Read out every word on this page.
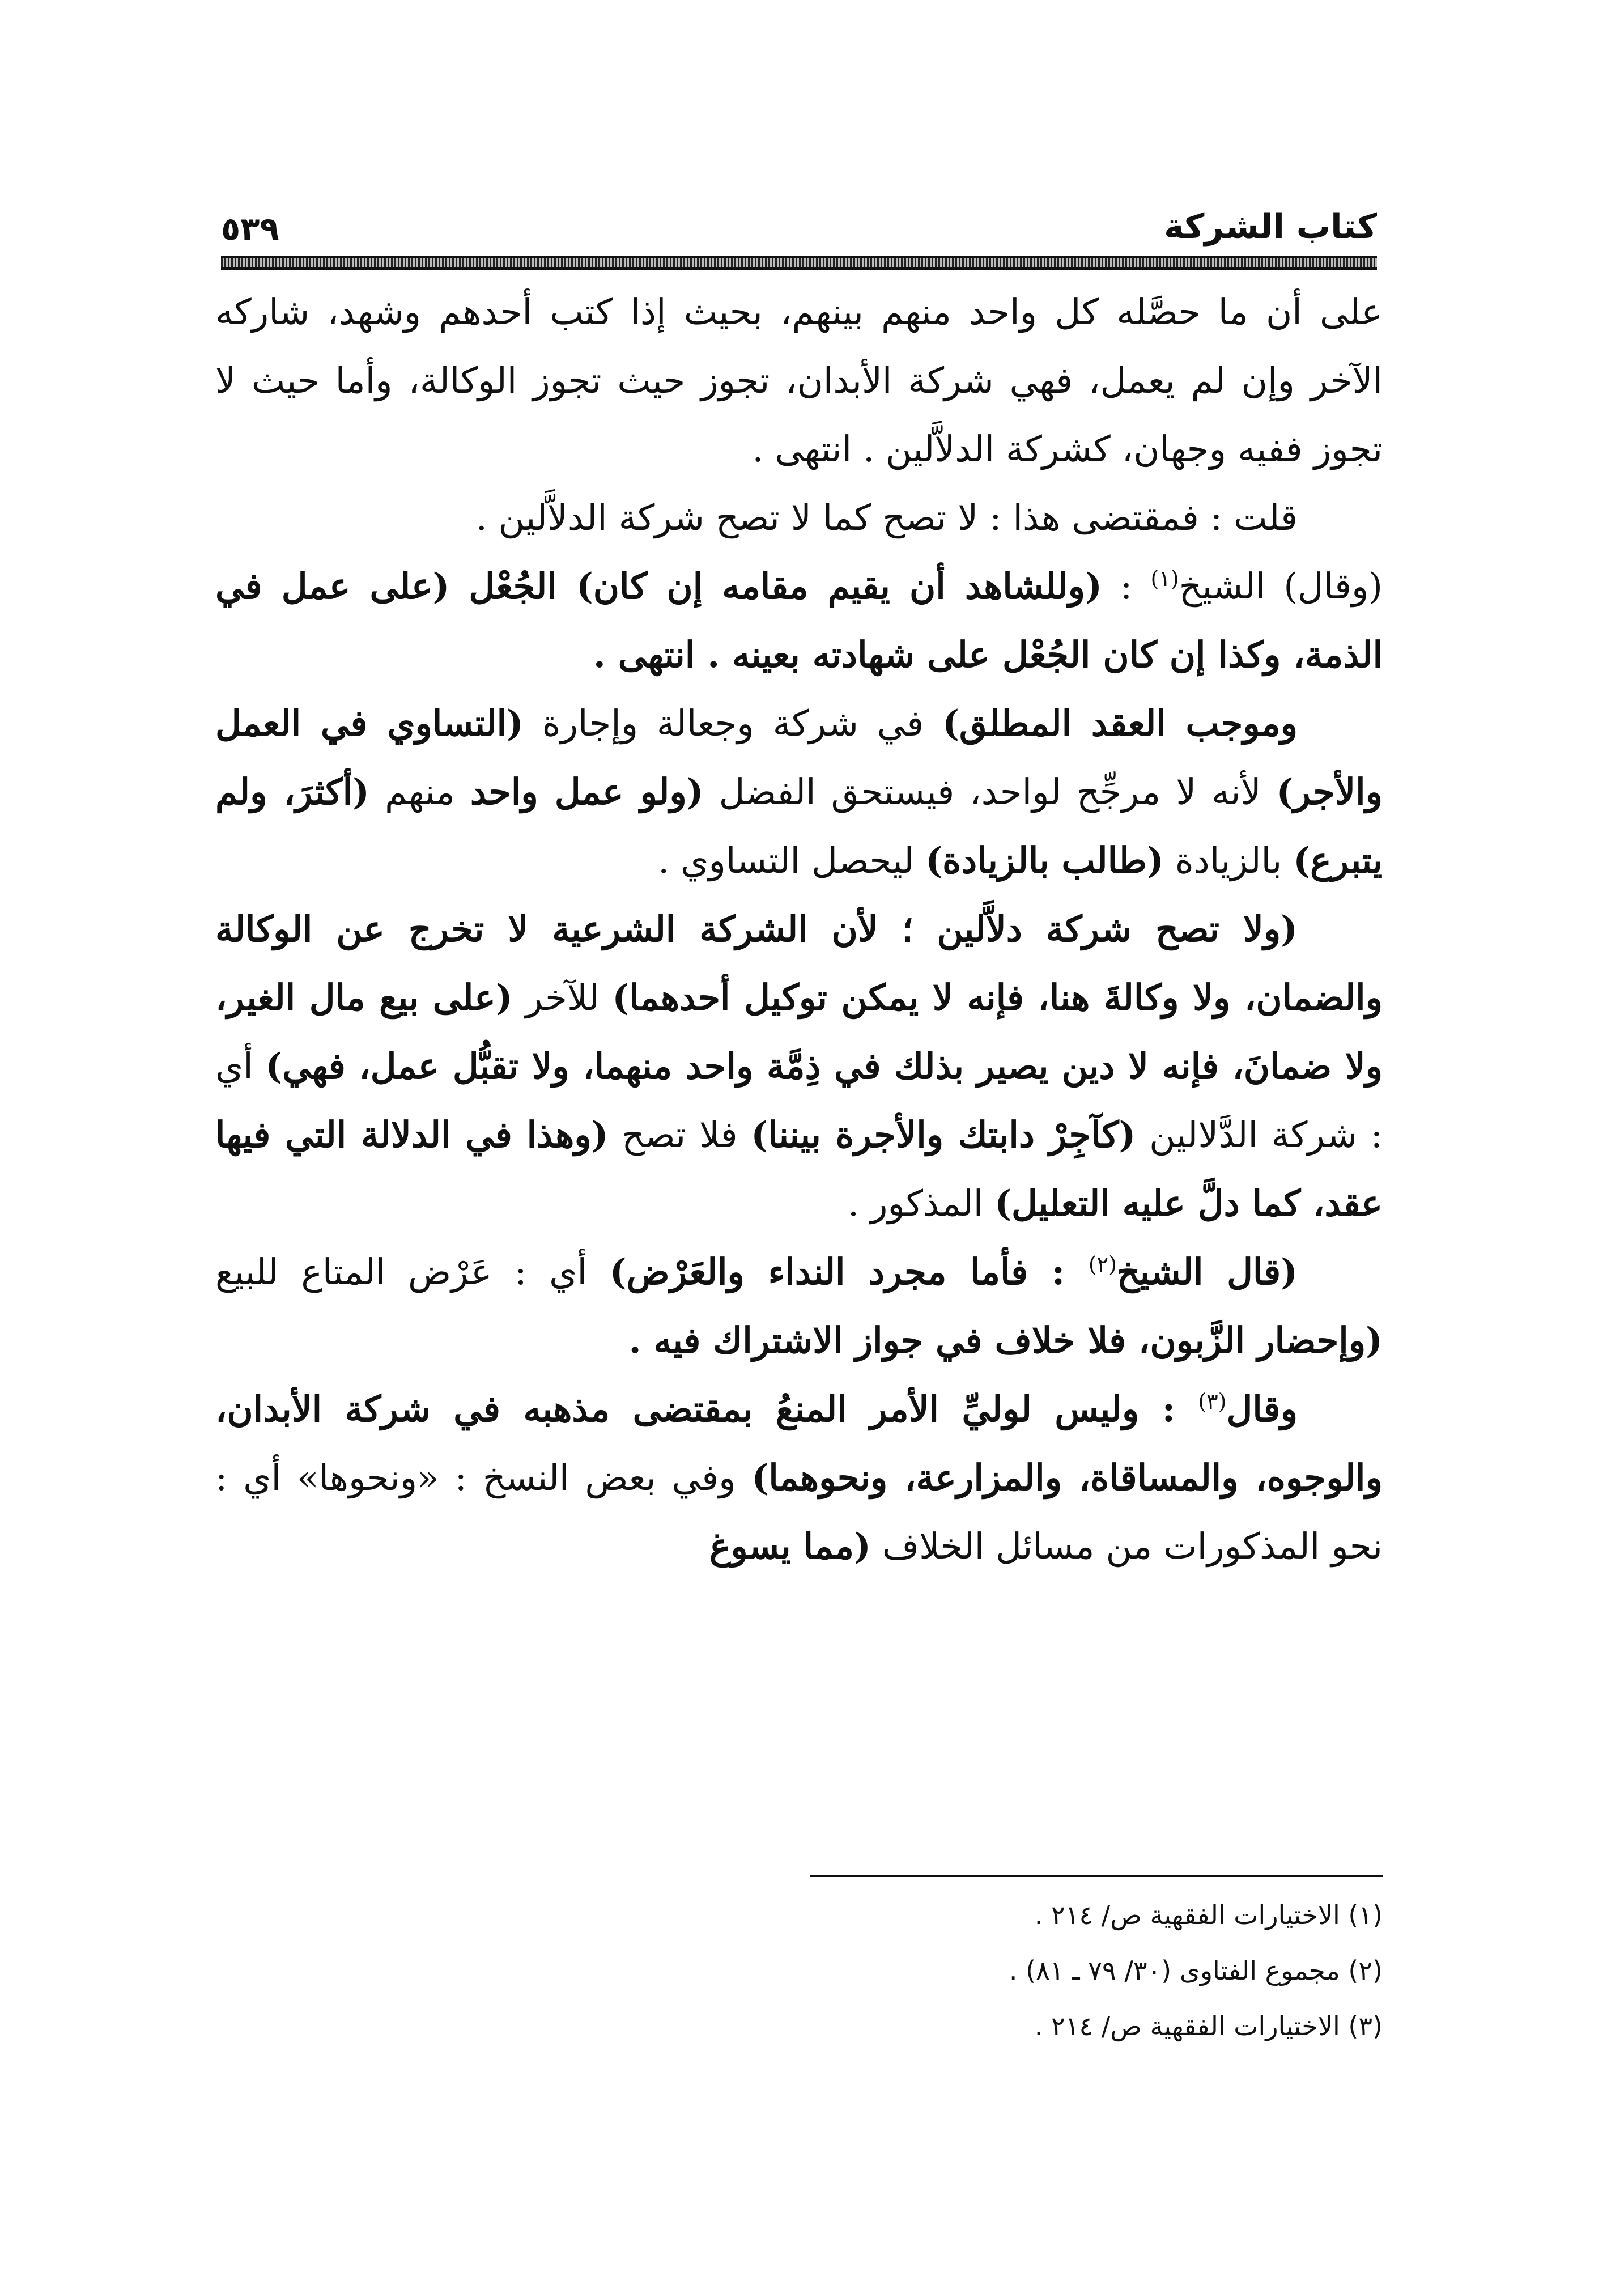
كتاب الشركة
٥٣٩

على أن ما حصَّله كل واحد منهم بينهم، بحيث إذا كتب أحدهم وشهد، شاركه الآخر وإن لم يعمل، فهي شركة الأبدان، تجوز حيث تجوز الوكالة، وأما حيث لا تجوز ففيه وجهان، كشركة الدلاَّلين . انتهى .

قلت : فمقتضى هذا : لا تصح كما لا تصح شركة الدلاَّلين .

(وقال) الشيخ$^{(١)}$ : (وللشاهد أن يقيم مقامه إن كان) الجُعْل (على عمل في الذمة، وكذا إن كان الجُعْل على شهادته بعينه . انتهى .

وموجب العقد المطلق) في شركة وجعالة وإجارة (التساوي في العمل والأجر) لأنه لا مرجِّح لواحد، فيستحق الفضل (ولو عمل واحد منهم (أكثرَ، ولم يتبرع) بالزيادة (طالب بالزيادة) ليحصل التساوي .

(ولا تصح شركة دلاَّلين ؛ لأن الشركة الشرعية لا تخرج عن الوكالة والضمان، ولا وكالةَ هنا، فإنه لا يمكن توكيل أحدهما) للآخر (على بيع مال الغير، ولا ضمانَ، فإنه لا دين يصير بذلك في ذِمَّة واحد منهما، ولا تقبُّل عمل، فهي) أي : شركة الدَّلالين (كآجِرْ دابتك والأجرة بيننا) فلا تصح (وهذا في الدلالة التي فيها عقد، كما دلَّ عليه التعليل) المذكور .

(قال الشيخ$^{(٢)}$ : فأما مجرد النداء والعَرْض) أي : عَرْض المتاع للبيع (وإحضار الزَّبون، فلا خلاف في جواز الاشتراك فيه .

وقال$^{(٣)}$ : وليس لوليِّ الأمر المنعُ بمقتضى مذهبه في شركة الأبدان، والوجوه، والمساقاة، والمزارعة، ونحوهما) وفي بعض النسخ : «ونحوها» أي : نحو المذكورات من مسائل الخلاف (مما يسوغ

(١) الاختيارات الفقهية ص/ ٢١٤ .

(٢) مجموع الفتاوى (٣٠/ ٧٩ ـ ٨١) .

(٣) الاختيارات الفقهية ص/ ٢١٤ .
